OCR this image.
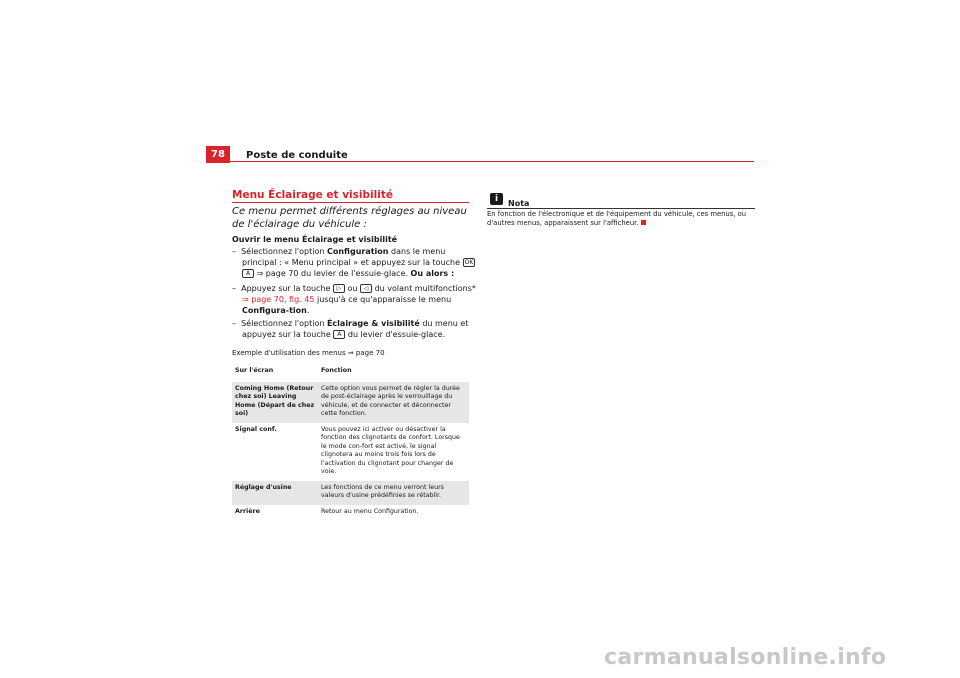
78	Poste de conduite
Menu Éclairage et visibilité
Ce menu permet différents réglages au niveau de l'éclairage du véhicule :
Ouvrir le menu Éclairage et visibilité
– Sélectionnez l'option Configuration dans le menu principal : « Menu principal » et appuyez sur la touche OK A ⇒ page 70 du levier de l'essuie-glace. Ou alors :
– Appuyez sur la touche ▷ ou ◁ du volant multifonctions* ⇒ page 70, fig. 45 jusqu'à ce qu'apparaisse le menu Configura-tion.
– Sélectionnez l'option Éclairage & visibilité du menu et appuyez sur la touche A du levier d'essuie-glace.
Exemple d'utilisation des menus ⇒ page 70
Sur l'écran	Fonction
Coming Home (Retour chez soi) Leaving Home (Départ de chez soi)	Cette option vous permet de régler la durée de post-éclairage après le verrouillage du véhicule, et de connecter et déconnecter cette fonction.
Signal conf.	Vous pouvez ici activer ou désactiver la fonction des clignotants de confort. Lorsque le mode con-fort est activé, le signal clignotera au moins trois fois lors de l'activation du clignotant pour changer de voie.
Réglage d'usine	Les fonctions de ce menu verront leurs valeurs d'usine prédéfinies se rétablir.
Arrière	Retour au menu Configuration.
i	Nota
En fonction de l'électronique et de l'équipement du véhicule, ces menus, ou d'autres menus, apparaissent sur l'afficheur.
carmanualsonline.info
